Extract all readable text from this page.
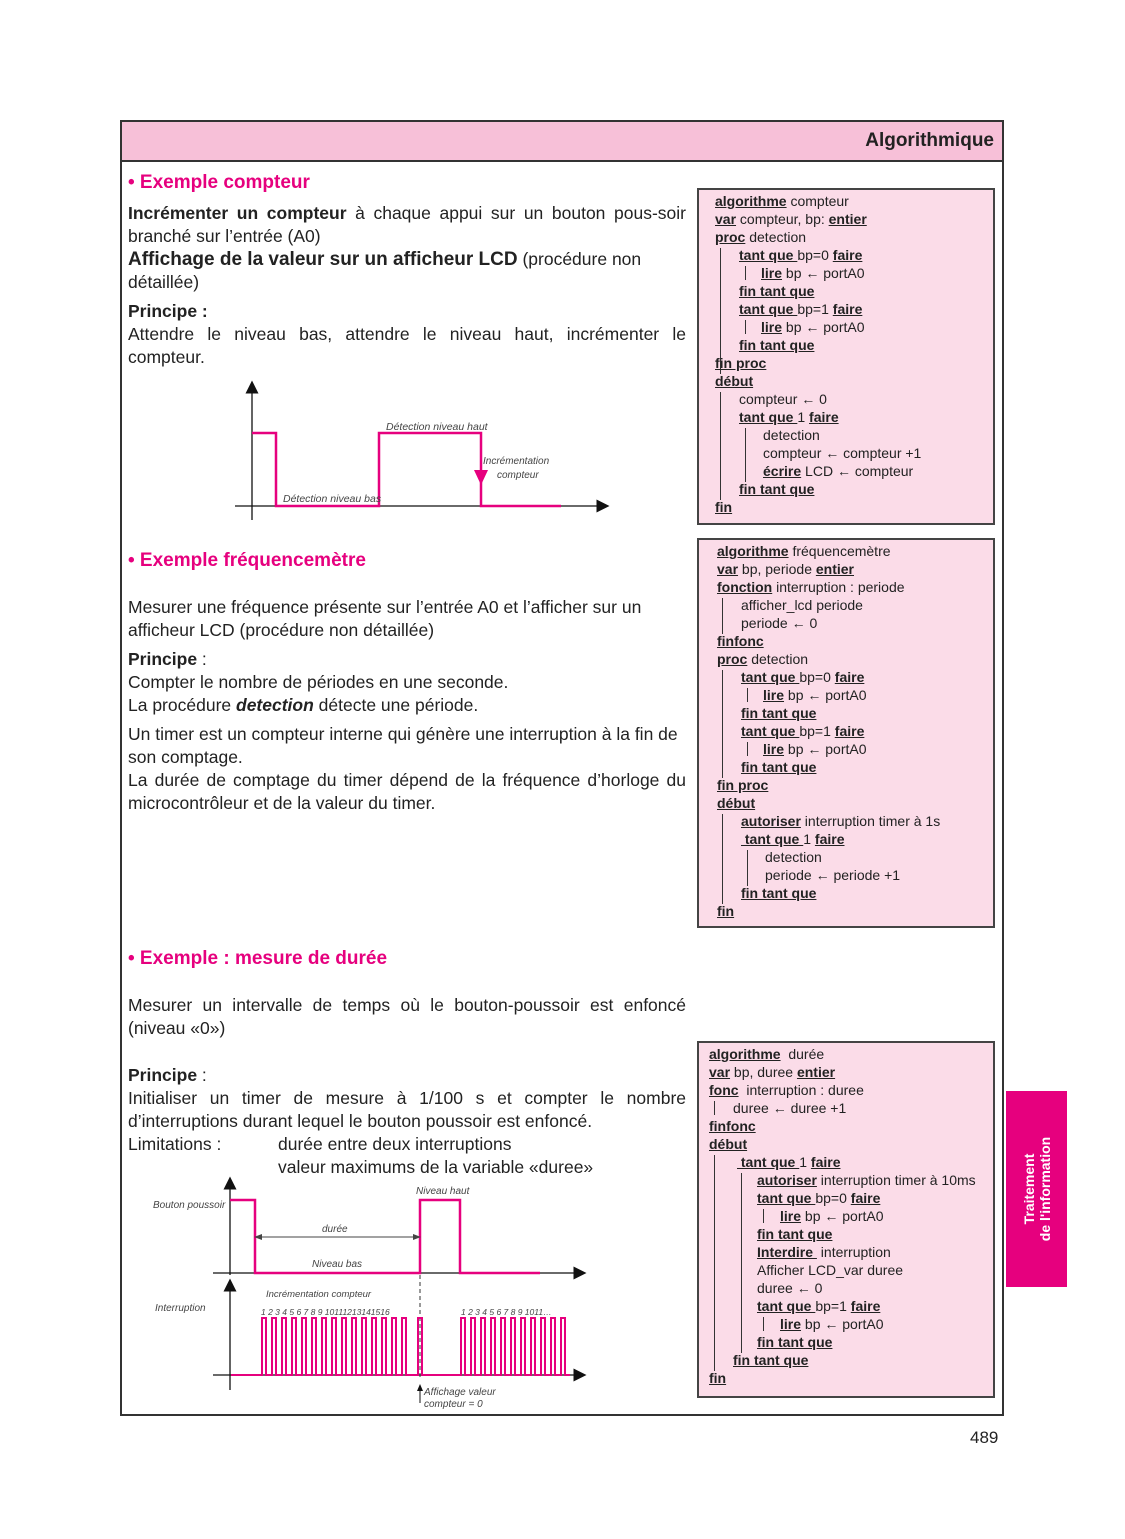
Algorithmique
• Exemple compteur

Incrémenter un compteur à chaque appui sur un bouton pous-soir branché sur l’entrée (A0)

Affichage de la valeur sur un afficheur LCD (procédure non détaillée)

Principe :

Attendre le niveau bas, attendre le niveau haut, incrémenter le compteur.

• Exemple fréquencemètre

Mesurer une fréquence présente sur l’entrée A0 et l’afficher sur un afficheur LCD (procédure non détaillée)

Principe :

Compter le nombre de périodes en une seconde.

La procédure detection détecte une période.

Un timer est un compteur interne qui génère une interruption à la fin de son comptage.

La durée de comptage du timer dépend de la fréquence d’horloge du microcontrôleur et de la valeur du timer.

• Exemple : mesure de durée

Mesurer un intervalle de temps où le bouton-poussoir est enfoncé (niveau «0»)

Principe :

Initialiser un timer de mesure à 1/100 s et compter le nombre d’interruptions durant lequel le bouton poussoir est enfoncé.

Limitations :	durée entre deux interruptions

valeur maximums de la variable «duree»

Détection niveau haut
Détection niveau bas
Incrémentation
compteur
Bouton poussoir
Niveau haut
durée
Niveau bas
Incrémentation compteur
Interruption	1 2 3 4 5 6 7 8 9 10111213141516	1 2 3 4 5 6 7 8 9 1011…
Affichage valeur
compteur = 0
algorithme compteur
var compteur, bp: entier
proc detection
tant que bp=0 faire
lire bp ← portA0
fin tant que
tant que bp=1 faire
lire bp ← portA0
fin tant que
fin proc
début
compteur ← 0
tant que 1 faire
detection
compteur ← compteur +1
écrire LCD ← compteur
fin tant que
fin
algorithme fréquencemètre
var bp, periode entier
fonction interruption : periode
afficher_lcd periode
periode ← 0
finfonc
proc detection
tant que bp=0 faire
lire bp ← portA0
fin tant que
tant que bp=1 faire
lire bp ← portA0
fin tant que
fin proc
début
autoriser interruption timer à 1s
tant que 1 faire
detection
periode ← periode +1
fin tant que
fin
algorithme  durée
var bp, duree entier
fonc  interruption : duree
duree ← duree +1
finfonc
début
tant que 1 faire
autoriser interruption timer à 10ms
tant que bp=0 faire
lire bp ← portA0
fin tant que
Interdire  interruption
Afficher LCD_var duree
duree ← 0
tant que bp=1 faire
lire bp ← portA0
fin tant que
fin tant que
fin
Traitement de l'information
489
